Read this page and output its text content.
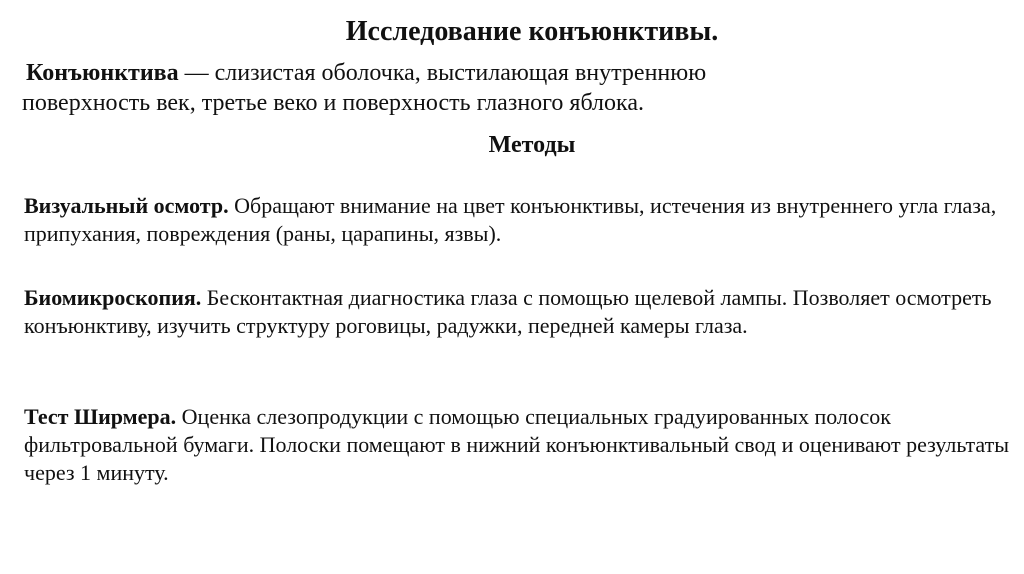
Исследование конъюнктивы.
Конъюнктива — слизистая оболочка, выстилающая внутреннюю
поверхность век, третье веко и поверхность глазного яблока.
Методы
Визуальный осмотр. Обращают внимание на цвет конъюнктивы, истечения из внутреннего угла глаза, припухания, повреждения (раны, царапины, язвы).
Биомикроскопия. Бесконтактная диагностика глаза с помощью щелевой лампы. Позволяет осмотреть конъюнктиву, изучить структуру роговицы, радужки, передней камеры глаза.
Тест Ширмера. Оценка слезопродукции с помощью специальных градуированных полосок фильтровальной бумаги. Полоски помещают в нижний конъюнктивальный свод и оценивают результаты через 1 минуту.
